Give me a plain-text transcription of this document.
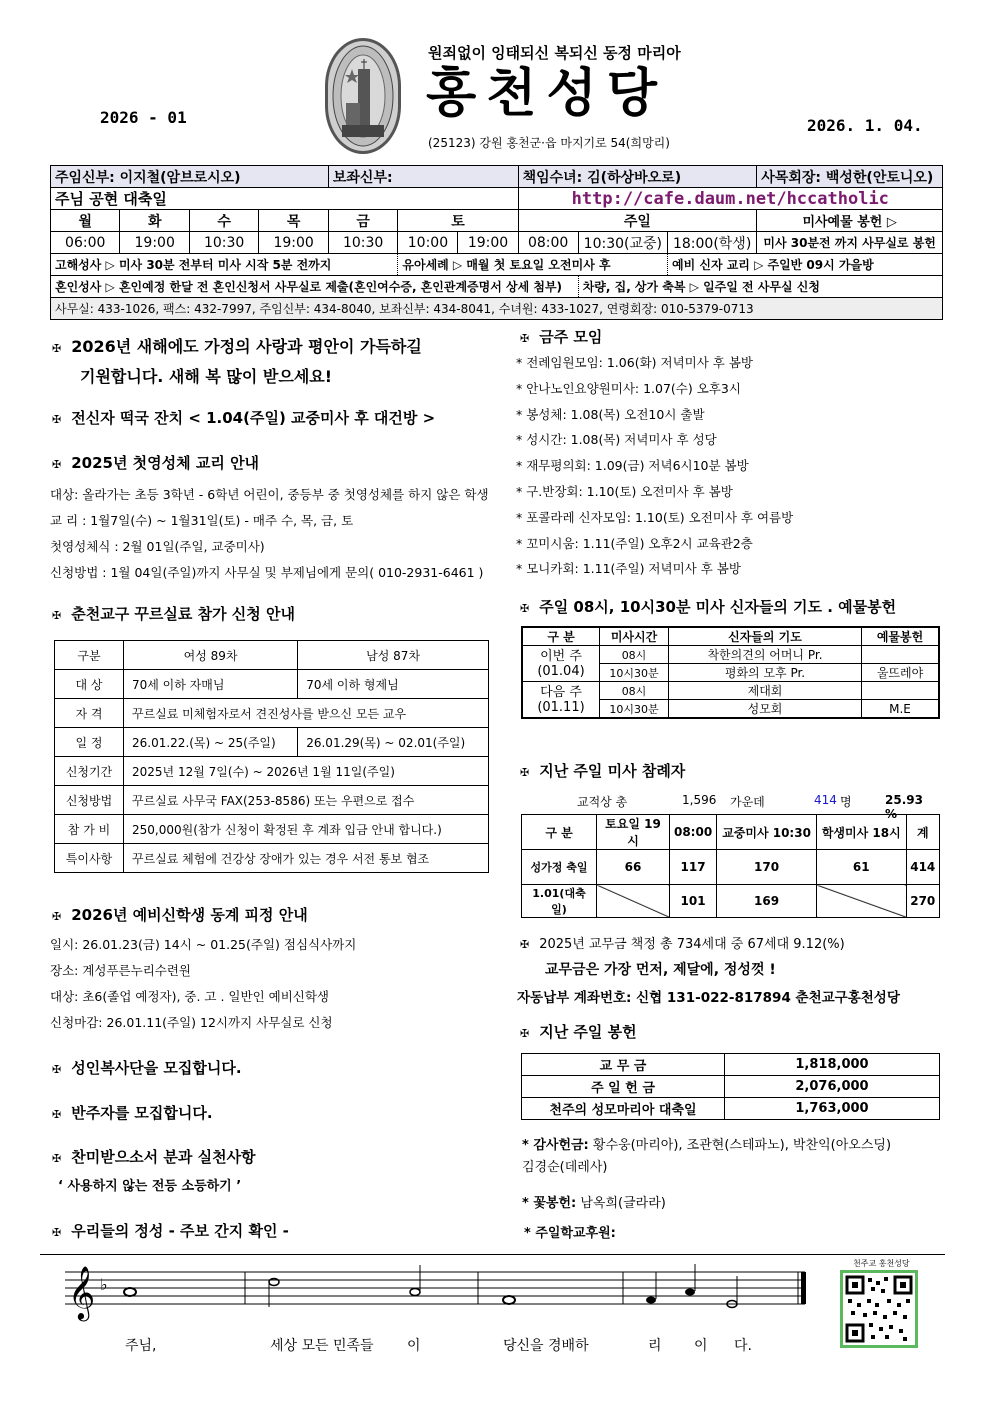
2026 - 01
원죄없이 잉태되신 복되신 동정 마리아
홍천성당
(25123) 강원 홍천군·읍 마지기로 54(희망리)
2026. 1. 04.
주임신부: 이지철(암브로시오)				보좌신부:			책임수녀: 김(하상바오로)			사목회장: 백성한(안토니오)
주님 공현 대축일							http://cafe.daum.net/hccatholic			
월	화	수	목	금	토		주일			미사예물 봉헌 ▷
06:00	19:00	10:30	19:00	10:30	10:00	19:00	08:00	10:30(교중)	18:00(학생)	미사 30분전 까지 사무실로 봉헌
고해성사 ▷ 미사 30분 전부터 미사 시작 5분 전까지					유아세례 ▷ 매월 첫 토요일 오전미사 후				예비 신자 교리 ▷ 주일반 09시 가을방	
혼인성사 ▷ 혼인예정 한달 전 혼인신청서 사무실로 제출(혼인여수증, 혼인관계증명서 상세 첨부)								차량, 집, 상가 축복 ▷ 일주일 전 사무실 신청		
사무실: 433-1026, 팩스: 432-7997, 주임신부: 434-8040, 보좌신부: 434-8041, 수녀원: 433-1027, 연령회장: 010-5379-0713										
✠ 2026년 새해에도 가정의 사랑과 평안이 가득하길
기원합니다. 새해 복 많이 받으세요!
✠ 전신자 떡국 잔치 < 1.04(주일) 교중미사 후 대건방 >
✠ 2025년 첫영성체 교리 안내
대상: 올라가는 초등 3학년 - 6학년 어린이, 중등부 중 첫영성체를 하지 않은 학생
교 리 : 1월7일(수) ~ 1월31일(토) - 매주 수, 목, 금, 토
첫영성체식 : 2월 01일(주일, 교중미사)
신청방법 : 1월 04일(주일)까지 사무실 및 부제님에게 문의( 010-2931-6461 )
✠ 춘천교구 꾸르실료 참가 신청 안내
구분	여성 89차	남성 87차
대 상	70세 이하 자매님	70세 이하 형제님
자 격	꾸르실료 미체험자로서 견진성사를 받으신 모든 교우	
일 정	26.01.22.(목) ~ 25(주일)	26.01.29(목) ~ 02.01(주일)
신청기간	2025년 12월 7일(수) ~ 2026년 1월 11일(주일)	
신청방법	꾸르실료 사무국 FAX(253-8586) 또는 우편으로 접수	
참 가 비	250,000원(참가 신청이 확정된 후 계좌 입금 안내 합니다.)	
특이사항	꾸르실료 체험에 건강상 장애가 있는 경우 서전 통보 협조	
✠ 2026년 예비신학생 동계 피정 안내
일시: 26.01.23(금) 14시 ~ 01.25(주일) 점심식사까지
장소: 계성푸른누리수련원
대상: 초6(졸업 예정자), 중. 고 . 일반인 예비신학생
신청마감: 26.01.11(주일) 12시까지 사무실로 신청
✠ 성인복사단을 모집합니다.
✠ 반주자를 모집합니다.
✠ 찬미받으소서 분과 실천사항
‘ 사용하지 않는 전등 소등하기 ’
✠ 우리들의 정성 - 주보 간지 확인 -
✠ 금주 모임
* 전례임원모임: 1.06(화) 저녁미사 후 봄방
* 안나노인요양원미사: 1.07(수) 오후3시
* 봉성체: 1.08(목) 오전10시 출발
* 성시간: 1.08(목) 저녁미사 후 성당
* 재무평의회: 1.09(금) 저녁6시10분 봄방
* 구.반장회: 1.10(토) 오전미사 후 봄방
* 포콜라레 신자모임: 1.10(토) 오전미사 후 여름방
* 꼬미시움: 1.11(주일) 오후2시 교육관2층
* 모니카회: 1.11(주일) 저녁미사 후 봄방
✠ 주일 08시, 10시30분 미사 신자들의 기도 . 예물봉헌
구 분	미사시간	신자들의 기도	예물봉헌
이번 주 (01.04)	08시	착한의견의 어머니 Pr.	
	10시30분	평화의 모후 Pr.	울뜨레야
다음 주 (01.11)	08시	제대회	
	10시30분	성모회	M.E
✠ 지난 주일 미사 참례자
교적상 총	1,596 가운데	414 명	25.93 %
구 분	토요일 19시	08:00	교중미사 10:30	학생미사 18시	계
성가정 축일	66	117	170	61	414
1.01(대축일)		101	169		270
✠ 2025년 교무금 책정 총 734세대 중 67세대 9.12(%)
교무금은 가장 먼저, 제달에, 정성껏 !
자동납부 계좌번호: 신협 131-022-817894 춘천교구홍천성당
✠ 지난 주일 봉헌
교 무 금	1,818,000
주 일 헌 금	2,076,000
천주의 성모마리아 대축일	1,763,000
* 감사헌금: 황수웅(마리아), 조관현(스테파노), 박찬익(아오스딩)
김경순(데레사)
* 꽃봉헌: 남옥희(글라라)
* 주일학교후원:
𝄞 ♭
주님,	세상 모든 민족들 이	당신을 경배하	리 이 다.
천주교 홍천성당
